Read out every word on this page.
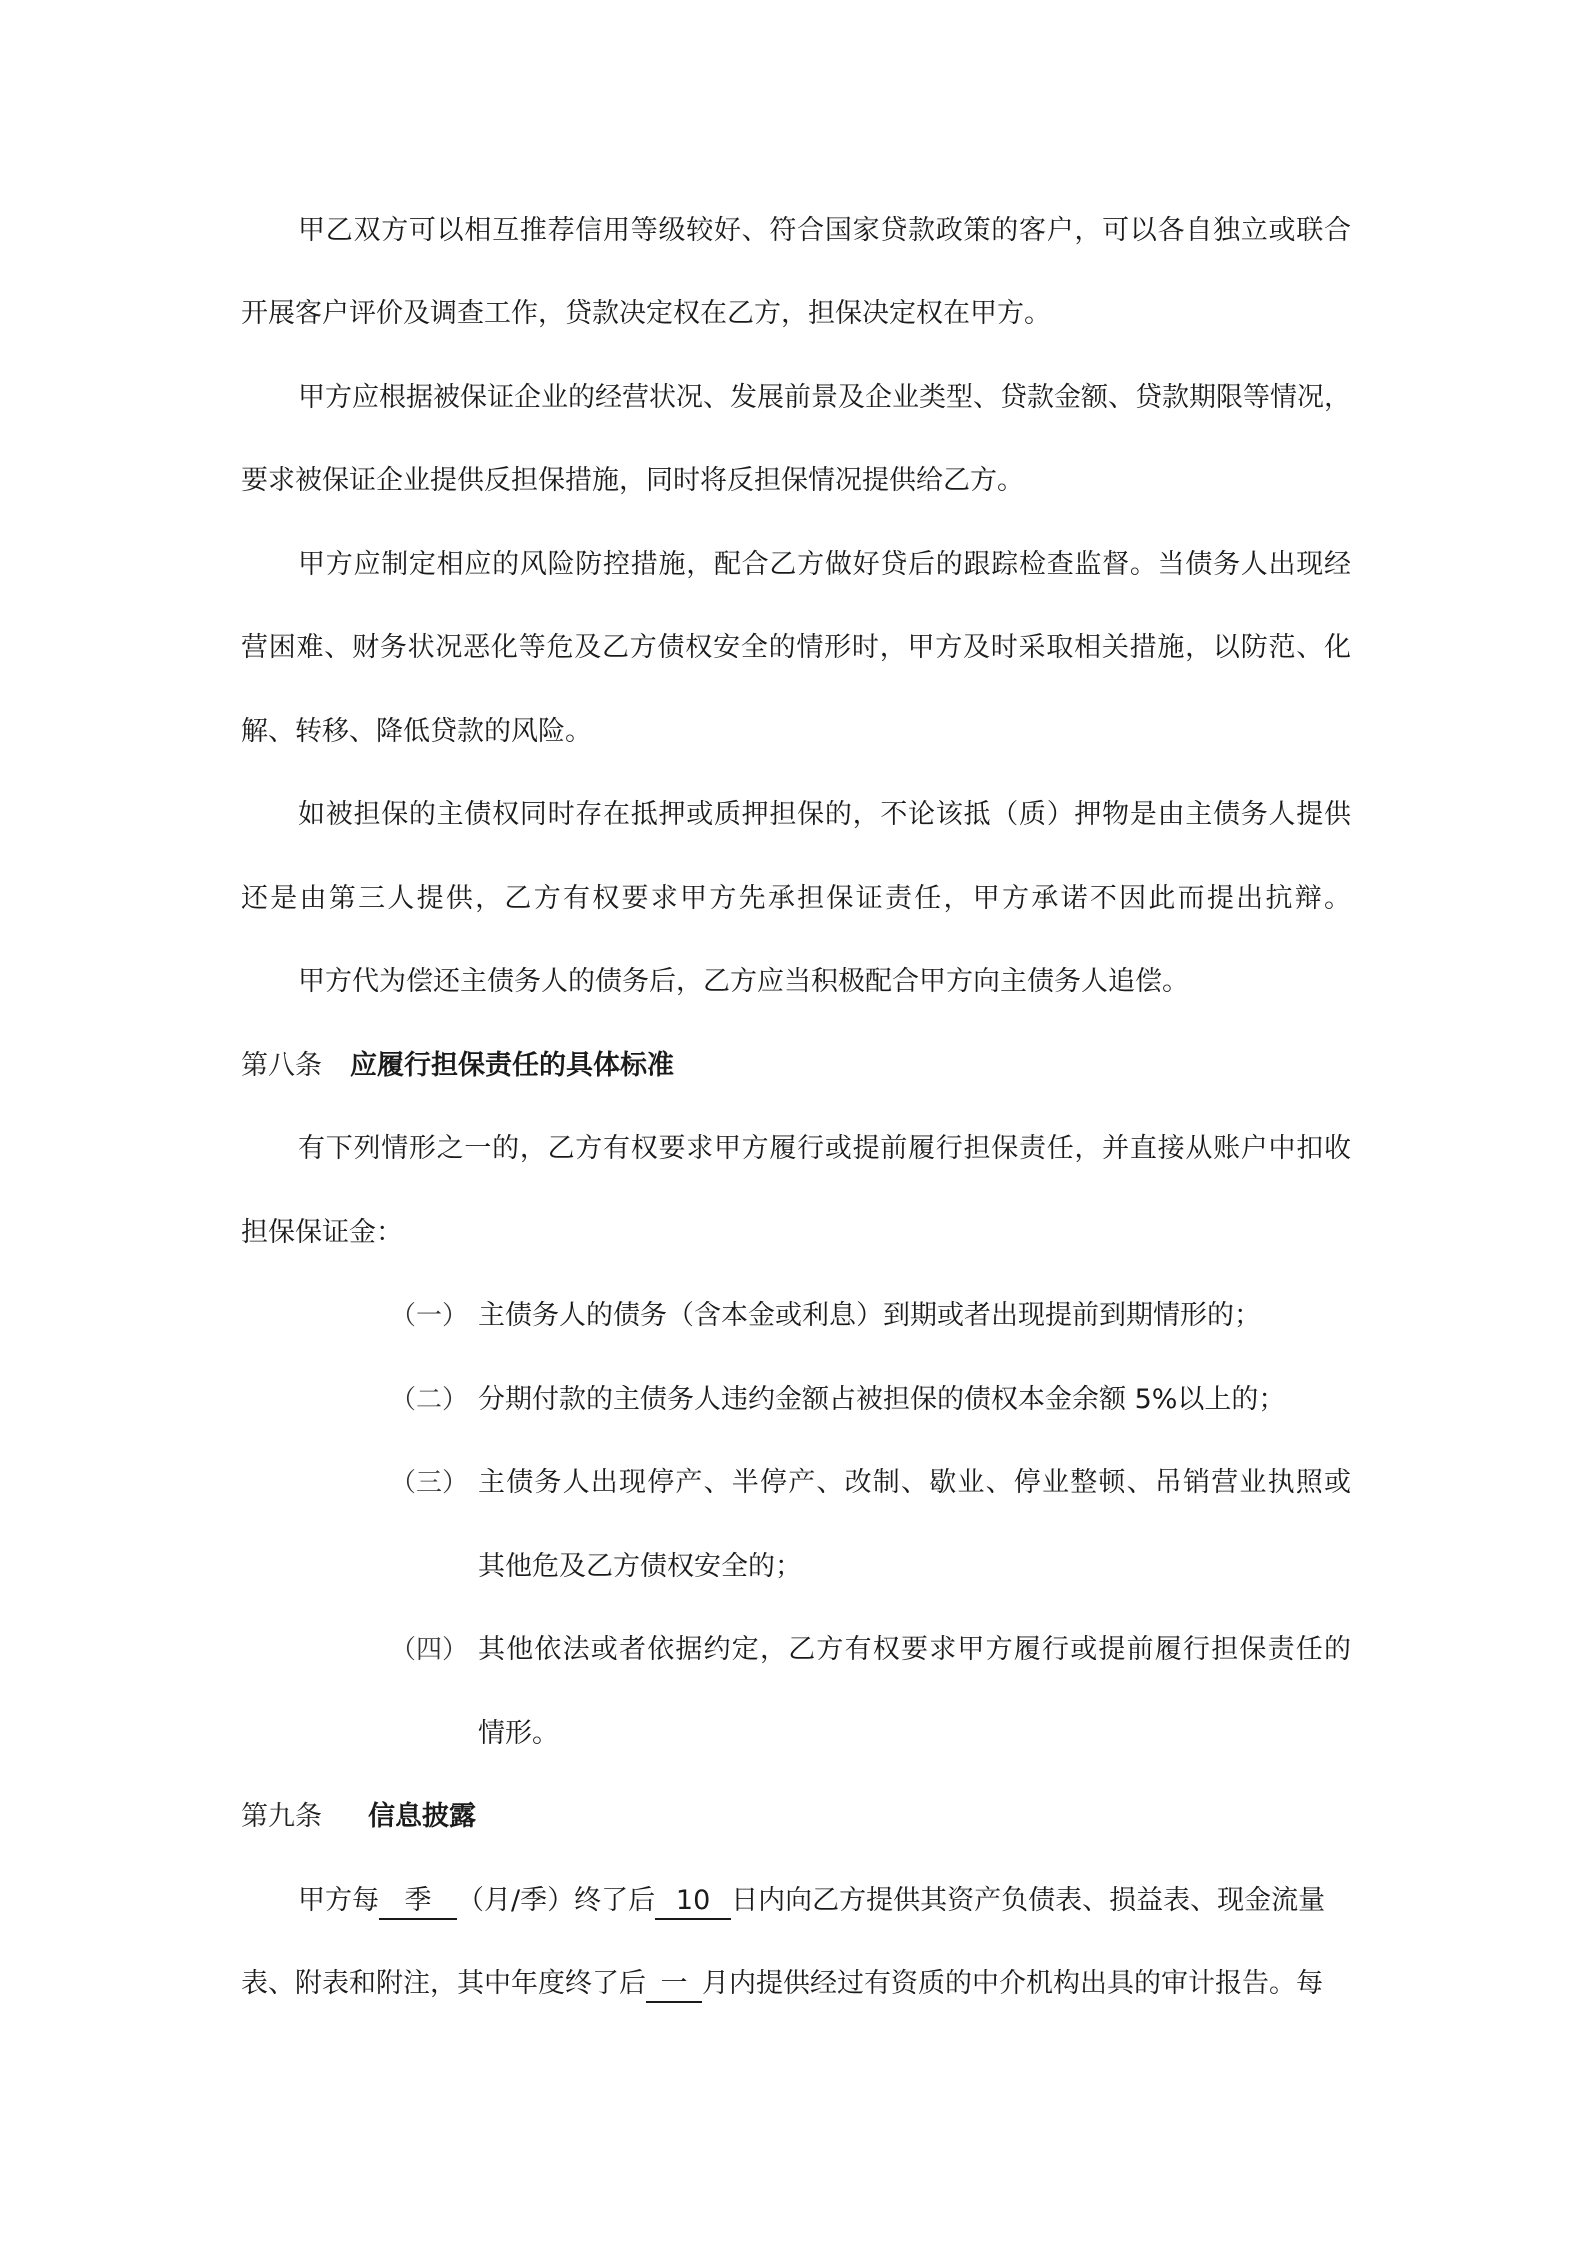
甲乙双方可以相互推荐信用等级较好、符合国家贷款政策的客户，可以各自独立或联合
开展客户评价及调查工作，贷款决定权在乙方，担保决定权在甲方。
甲方应根据被保证企业的经营状况、发展前景及企业类型、贷款金额、贷款期限等情况，
要求被保证企业提供反担保措施，同时将反担保情况提供给乙方。
甲方应制定相应的风险防控措施，配合乙方做好贷后的跟踪检查监督。当债务人出现经
营困难、财务状况恶化等危及乙方债权安全的情形时，甲方及时采取相关措施，以防范、化
解、转移、降低贷款的风险。
如被担保的主债权同时存在抵押或质押担保的，不论该抵（质）押物是由主债务人提供
还是由第三人提供，乙方有权要求甲方先承担保证责任，甲方承诺不因此而提出抗辩。
甲方代为偿还主债务人的债务后，乙方应当积极配合甲方向主债务人追偿。
第八条 应履行担保责任的具体标准
有下列情形之一的，乙方有权要求甲方履行或提前履行担保责任，并直接从账户中扣收
担保保证金：
（一） 主债务人的债务（含本金或利息）到期或者出现提前到期情形的；
（二） 分期付款的主债务人违约金额占被担保的债权本金余额 5%以上的；
（三） 主债务人出现停产、半停产、改制、歇业、停业整顿、吊销营业执照或
其他危及乙方债权安全的；
（四） 其他依法或者依据约定，乙方有权要求甲方履行或提前履行担保责任的
情形。
第九条 信息披露
甲方每 季 （月/季）终了后 10 日内向乙方提供其资产负债表、损益表、现金流量
表、附表和附注，其中年度终了后 一 月内提供经过有资质的中介机构出具的审计报告。每
